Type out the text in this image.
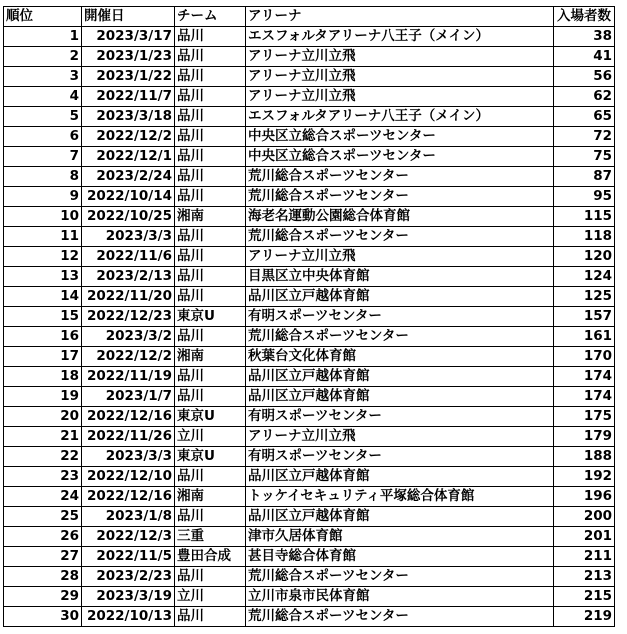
順位	開催日	チーム	アリーナ	入場者数
1	2023/3/17	品川	エスフォルタアリーナ八王子（メイン）	38
2	2023/1/23	品川	アリーナ立川立飛	41
3	2023/1/22	品川	アリーナ立川立飛	56
4	2022/11/7	品川	アリーナ立川立飛	62
5	2023/3/18	品川	エスフォルタアリーナ八王子（メイン）	65
6	2022/12/2	品川	中央区立総合スポーツセンター	72
7	2022/12/1	品川	中央区立総合スポーツセンター	75
8	2023/2/24	品川	荒川総合スポーツセンター	87
9	2022/10/14	品川	荒川総合スポーツセンター	95
10	2022/10/25	湘南	海老名運動公園総合体育館	115
11	2023/3/3	品川	荒川総合スポーツセンター	118
12	2022/11/6	品川	アリーナ立川立飛	120
13	2023/2/13	品川	目黒区立中央体育館	124
14	2022/11/20	品川	品川区立戸越体育館	125
15	2022/12/23	東京U	有明スポーツセンター	157
16	2023/3/2	品川	荒川総合スポーツセンター	161
17	2022/12/2	湘南	秋葉台文化体育館	170
18	2022/11/19	品川	品川区立戸越体育館	174
19	2023/1/7	品川	品川区立戸越体育館	174
20	2022/12/16	東京U	有明スポーツセンター	175
21	2022/11/26	立川	アリーナ立川立飛	179
22	2023/3/3	東京U	有明スポーツセンター	188
23	2022/12/10	品川	品川区立戸越体育館	192
24	2022/12/16	湘南	トッケイセキュリティ平塚総合体育館	196
25	2023/1/8	品川	品川区立戸越体育館	200
26	2022/12/3	三重	津市久居体育館	201
27	2022/11/5	豊田合成	甚目寺総合体育館	211
28	2023/2/23	品川	荒川総合スポーツセンター	213
29	2023/3/19	立川	立川市泉市民体育館	215
30	2022/10/13	品川	荒川総合スポーツセンター	219
